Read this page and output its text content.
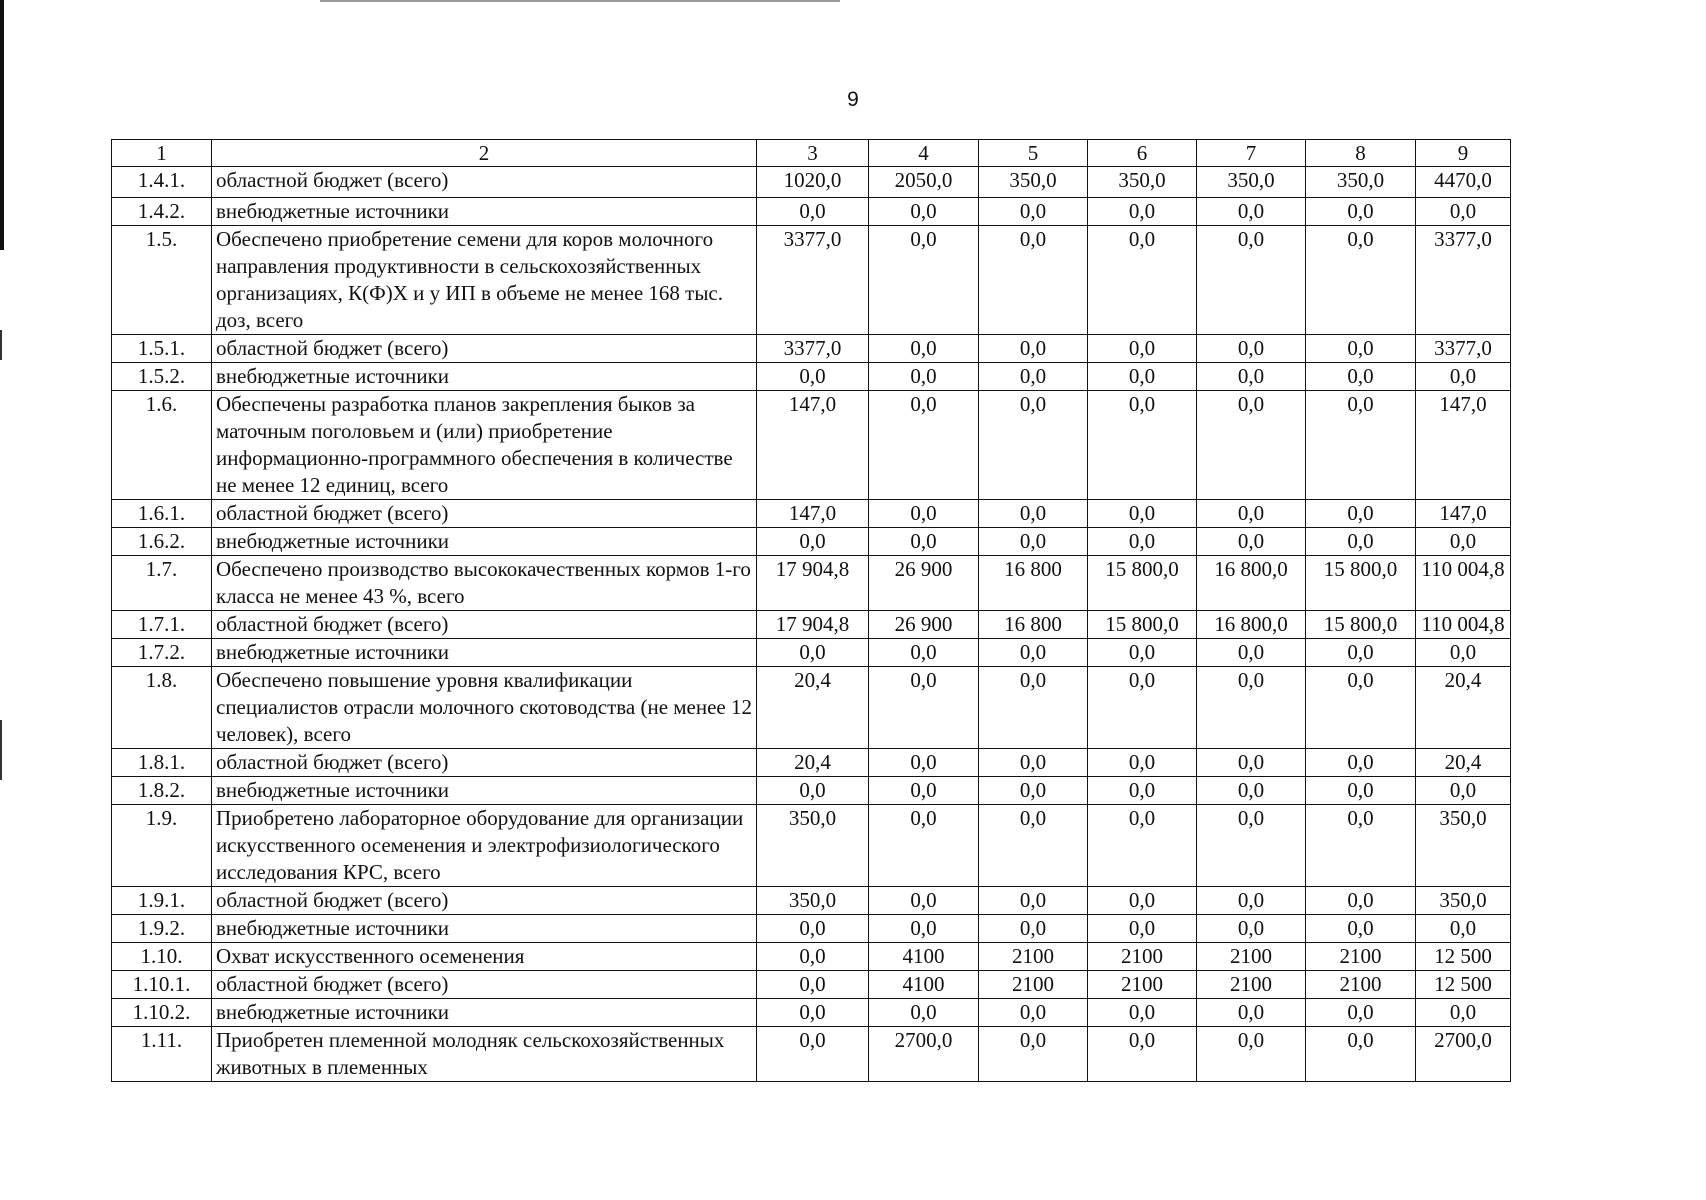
9
1	2	3	4	5	6	7	8	9
1.4.1.	областной бюджет (всего)	1020,0	2050,0	350,0	350,0	350,0	350,0	4470,0
1.4.2.	внебюджетные источники	0,0	0,0	0,0	0,0	0,0	0,0	0,0
1.5.	Обеспечено приобретение семени для коров молочного направления продуктивности в сельскохозяйственных организациях, К(Ф)Х и у ИП в объеме не менее 168 тыс. доз, всего	3377,0	0,0	0,0	0,0	0,0	0,0	3377,0
1.5.1.	областной бюджет (всего)	3377,0	0,0	0,0	0,0	0,0	0,0	3377,0
1.5.2.	внебюджетные источники	0,0	0,0	0,0	0,0	0,0	0,0	0,0
1.6.	Обеспечены разработка планов закрепления быков за маточным поголовьем и (или) приобретение информационно-программного обеспечения в количестве не менее 12 единиц, всего	147,0	0,0	0,0	0,0	0,0	0,0	147,0
1.6.1.	областной бюджет (всего)	147,0	0,0	0,0	0,0	0,0	0,0	147,0
1.6.2.	внебюджетные источники	0,0	0,0	0,0	0,0	0,0	0,0	0,0
1.7.	Обеспечено производство высококачественных кормов 1-го класса не менее 43 %, всего	17 904,8	26 900	16 800	15 800,0	16 800,0	15 800,0	110 004,8
1.7.1.	областной бюджет (всего)	17 904,8	26 900	16 800	15 800,0	16 800,0	15 800,0	110 004,8
1.7.2.	внебюджетные источники	0,0	0,0	0,0	0,0	0,0	0,0	0,0
1.8.	Обеспечено повышение уровня квалификации специалистов отрасли молочного скотоводства (не менее 12 человек), всего	20,4	0,0	0,0	0,0	0,0	0,0	20,4
1.8.1.	областной бюджет (всего)	20,4	0,0	0,0	0,0	0,0	0,0	20,4
1.8.2.	внебюджетные источники	0,0	0,0	0,0	0,0	0,0	0,0	0,0
1.9.	Приобретено лабораторное оборудование для организации искусственного осеменения и электрофизиологического исследования КРС, всего	350,0	0,0	0,0	0,0	0,0	0,0	350,0
1.9.1.	областной бюджет (всего)	350,0	0,0	0,0	0,0	0,0	0,0	350,0
1.9.2.	внебюджетные источники	0,0	0,0	0,0	0,0	0,0	0,0	0,0
1.10.	Охват искусственного осеменения	0,0	4100	2100	2100	2100	2100	12 500
1.10.1.	областной бюджет (всего)	0,0	4100	2100	2100	2100	2100	12 500
1.10.2.	внебюджетные источники	0,0	0,0	0,0	0,0	0,0	0,0	0,0
1.11.	Приобретен племенной молодняк сельскохозяйственных животных в племенных	0,0	2700,0	0,0	0,0	0,0	0,0	2700,0
